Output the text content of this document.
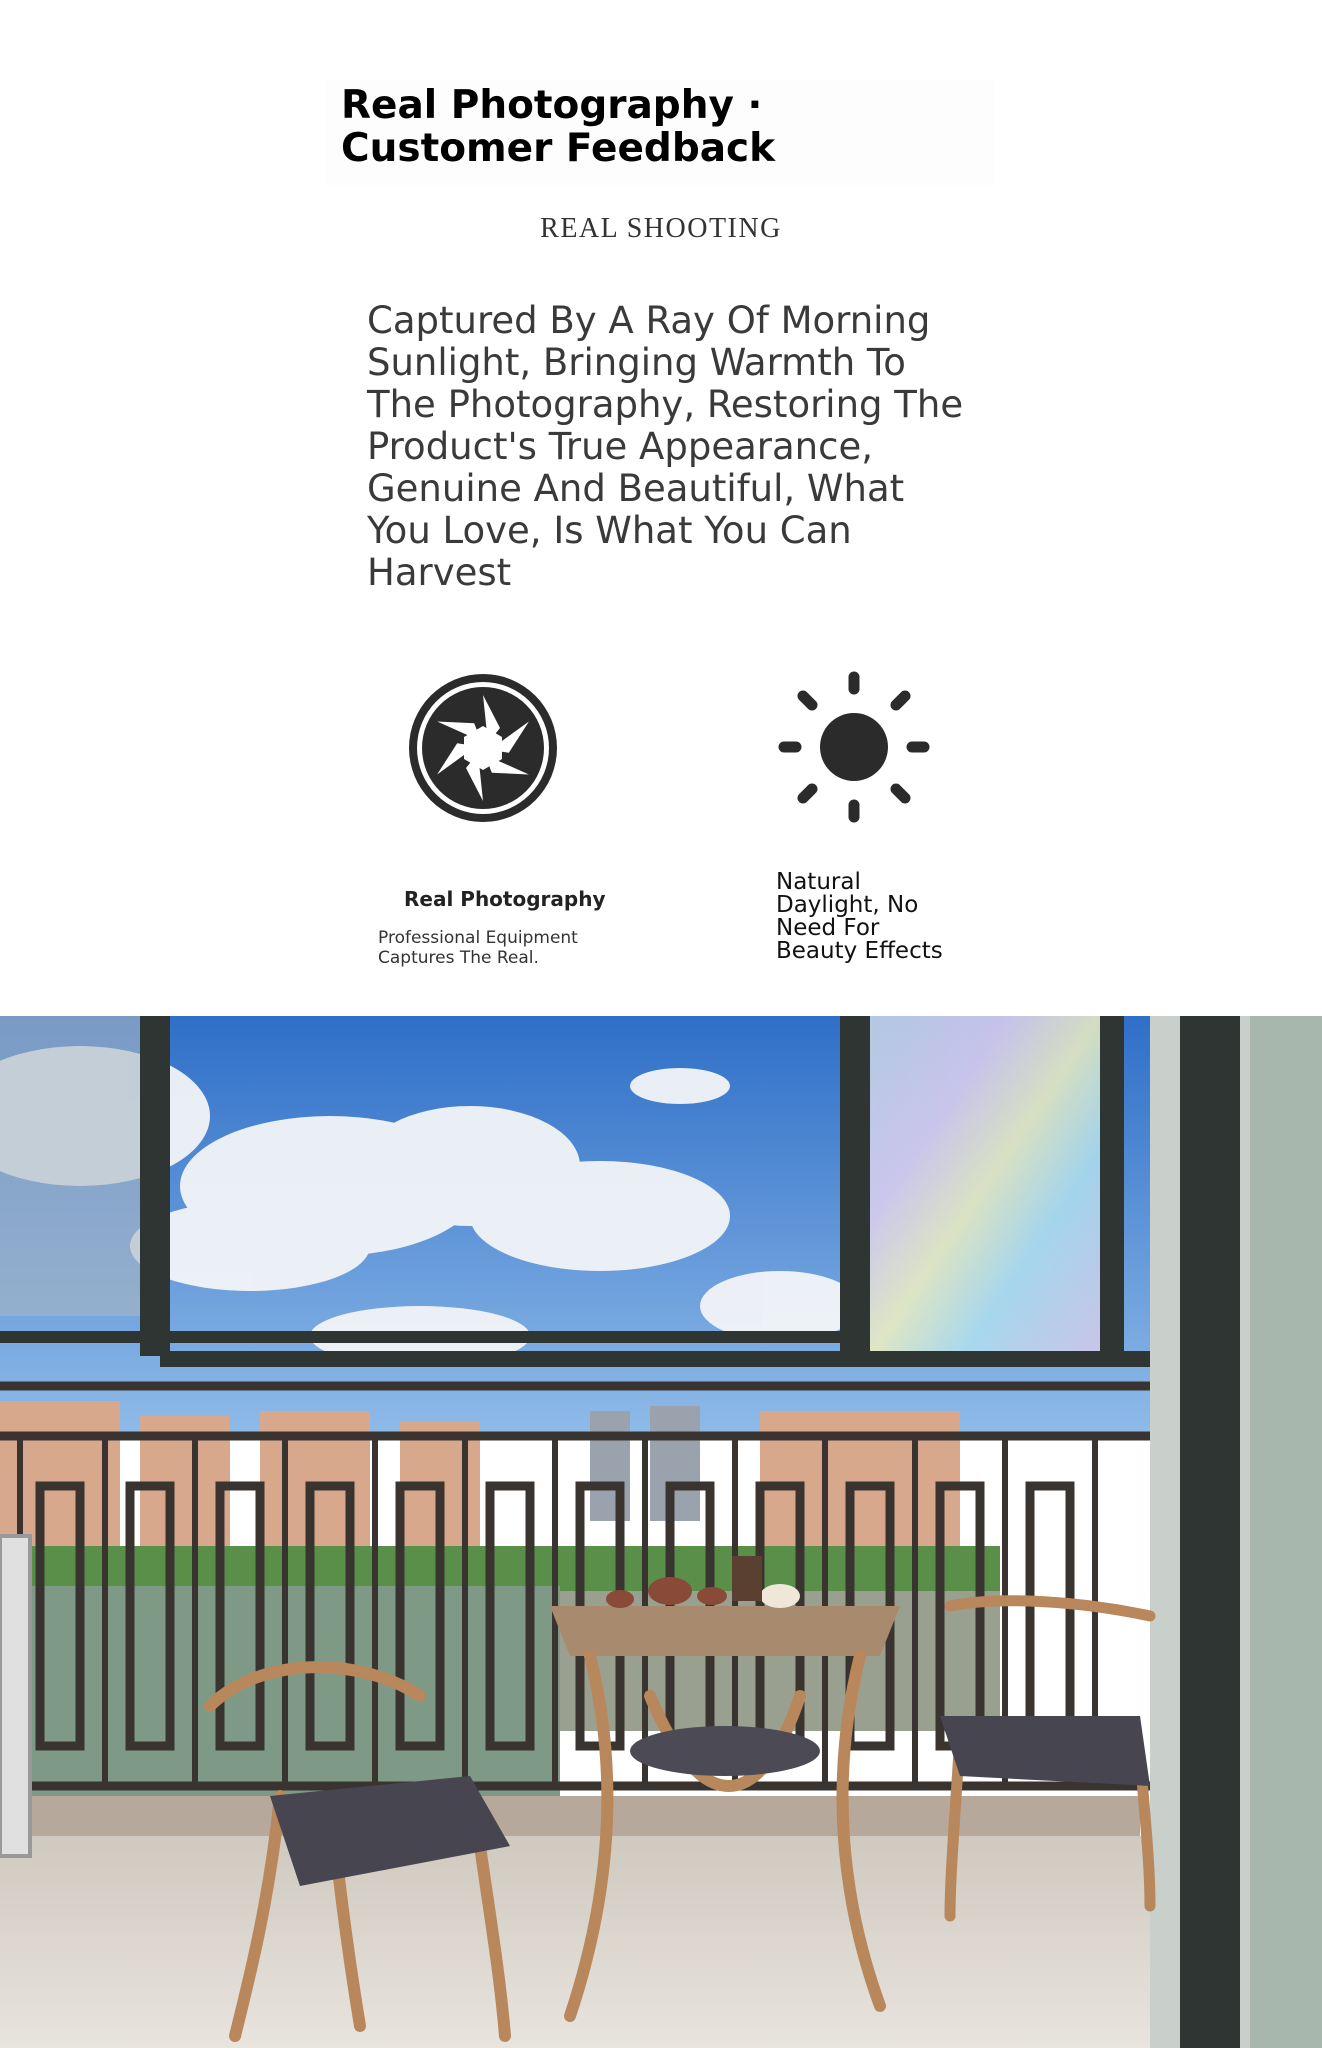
Real Photography · Customer Feedback
REAL SHOOTING
Captured By A Ray Of Morning Sunlight, Bringing Warmth To The Photography, Restoring The Product's True Appearance, Genuine And Beautiful, What You Love, Is What You Can Harvest
Real Photography
Professional Equipment Captures The Real.
Natural Daylight, No Need For Beauty Effects
